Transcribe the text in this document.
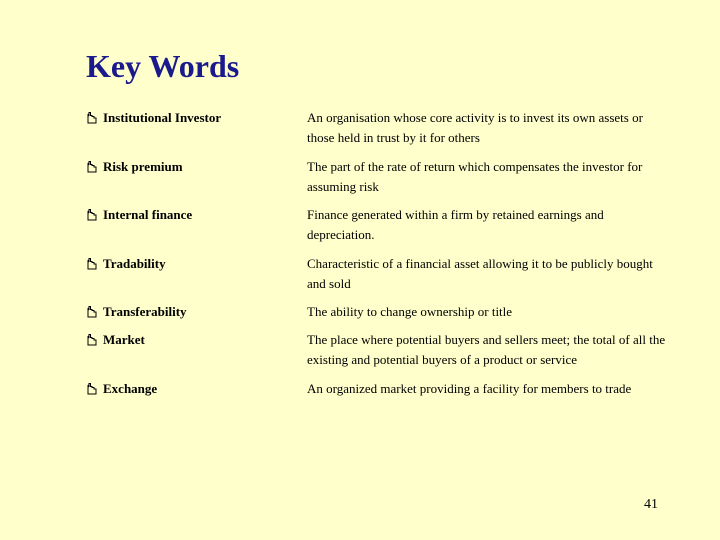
Key Words
Institutional Investor	An organisation whose core activity is to invest its own assets or those held in trust by it for others
Risk premium	The part of the rate of return which compensates the investor for assuming risk
Internal finance	Finance generated within a firm by retained earnings and depreciation.
Tradability	Characteristic of a financial asset allowing it to be publicly bought and sold
Transferability	The ability to change ownership or title
Market	The place where potential buyers and sellers meet; the total of all the existing and potential buyers of a product or service
Exchange	An organized market providing a facility for members to trade
41
